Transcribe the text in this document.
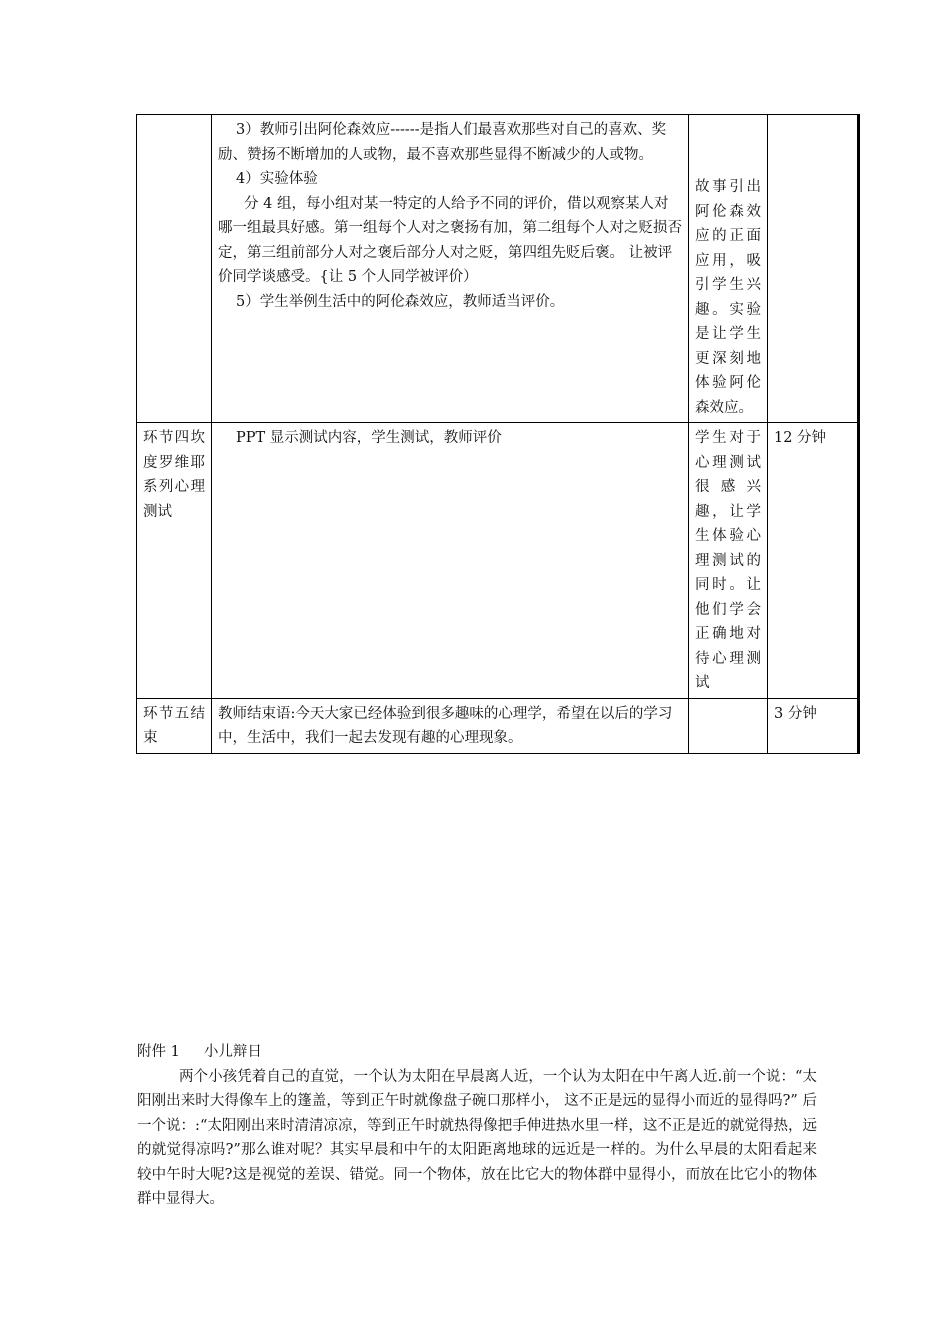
	3）教师引出阿伦森效应------是指人们最喜欢那些对自己的喜欢、奖励、赞扬不断增加的人或物，最不喜欢那些显得不断减少的人或物。

4）实验体验

分 4 组，每小组对某一特定的人给予不同的评价，借以观察某人对哪一组最具好感。第一组每个人对之褒扬有加，第二组每个人对之贬损否定，第三组前部分人对之褒后部分人对之贬，第四组先贬后褒。 让被评价同学谈感受。{让 5 个人同学被评价）

5）学生举例生活中的阿伦森效应，教师适当评价。	故事引出阿伦森效应的正面应用，吸引学生兴趣。实验是让学生更深刻地体验阿伦森效应。	
环节四坎度罗维耶系列心理测试	PPT 显示测试内容，学生测试，教师评价	学生对于心理测试很感兴趣，让学生体验心理测试的同时。让他们学会正确地对待心理测试	12 分钟
环节五结束	教师结束语:今天大家已经体验到很多趣味的心理学，希望在以后的学习中，生活中，我们一起去发现有趣的心理现象。		3 分钟

附件 1 小儿辩日

两个小孩凭着自己的直觉，一个认为太阳在早晨离人近，一个认为太阳在中午离人近.前一个说：“太阳刚出来时大得像车上的篷盖，等到正午时就像盘子碗口那样小， 这不正是远的显得小而近的显得吗?” 后一个说：:“太阳刚出来时清清凉凉，等到正午时就热得像把手伸进热水里一样，这不正是近的就觉得热，远的就觉得凉吗?”那么谁对呢？其实早晨和中午的太阳距离地球的远近是一样的。为什么早晨的太阳看起来较中午时大呢?这是视觉的差误、错觉。同一个物体，放在比它大的物体群中显得小，而放在比它小的物体群中显得大。
